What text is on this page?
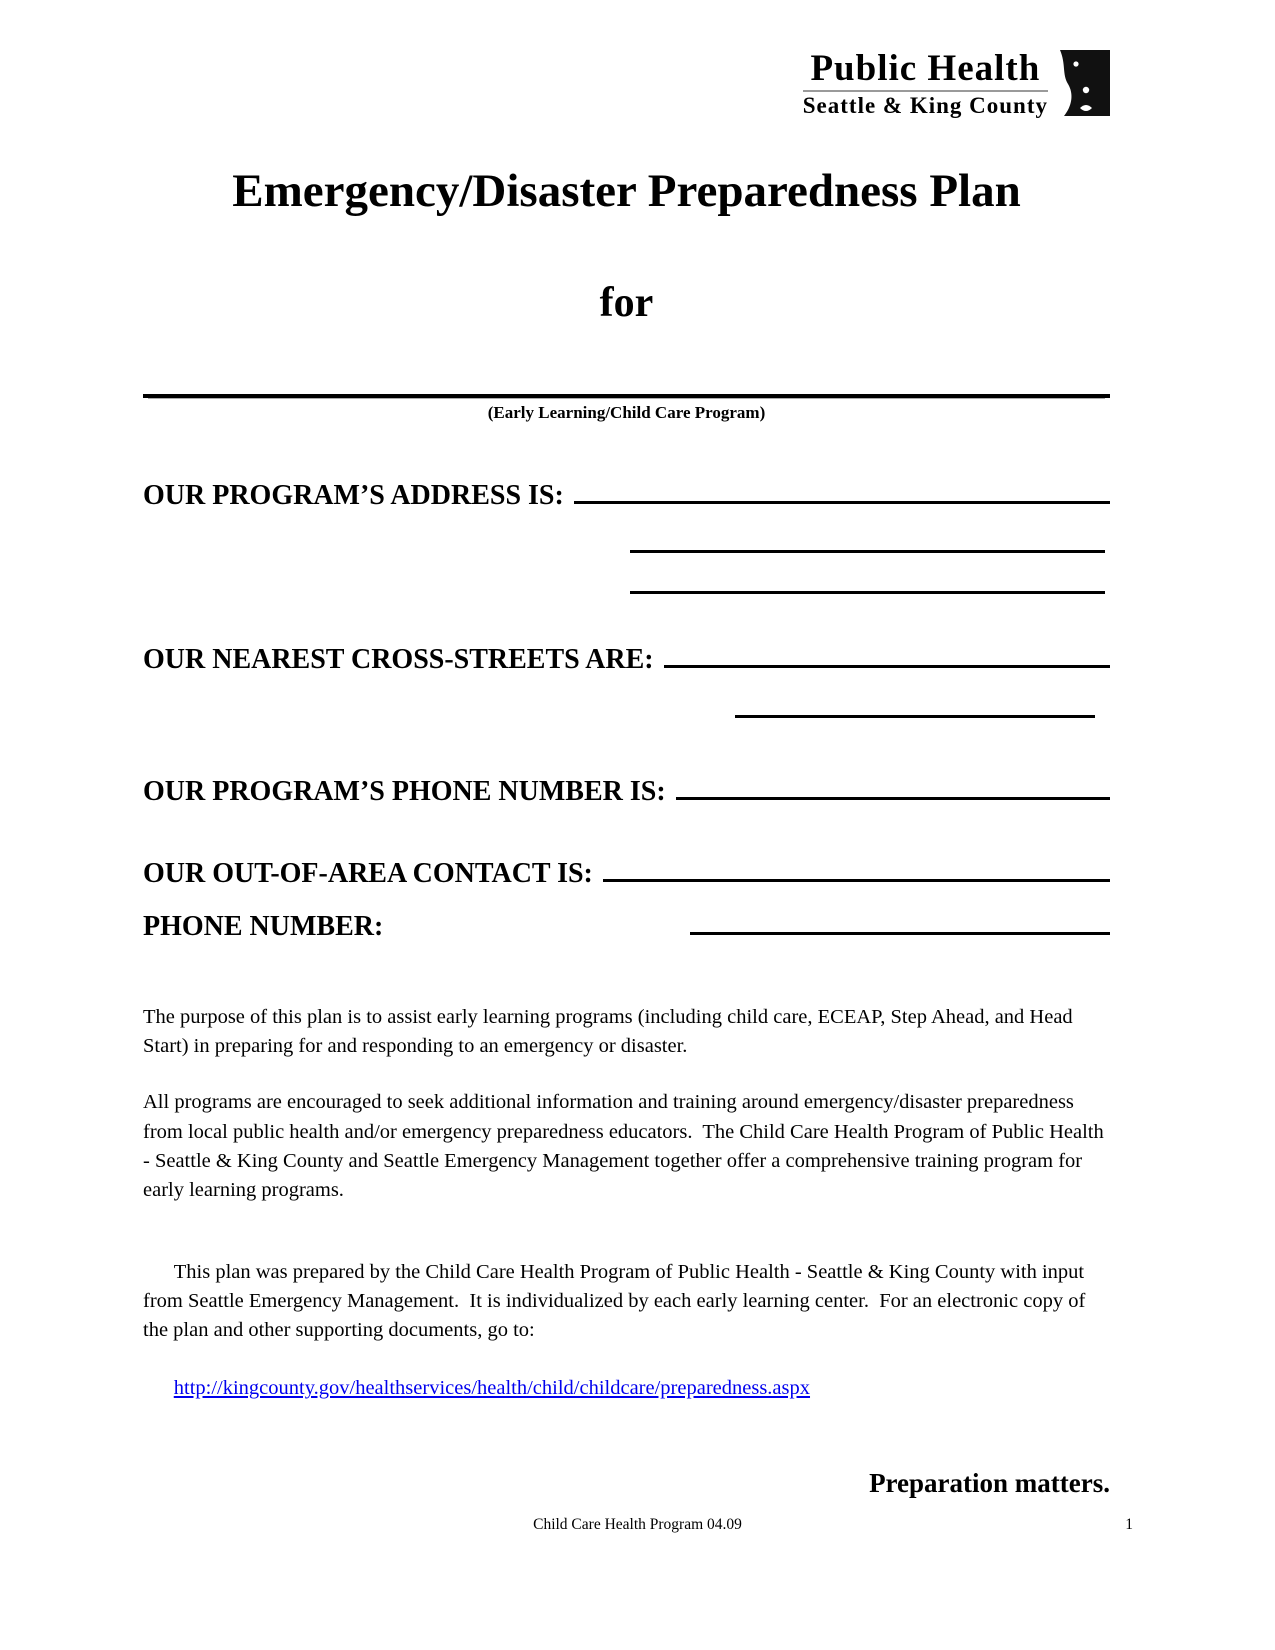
Public Health
Seattle & King County
Emergency/Disaster Preparedness Plan
for
(Early Learning/Child Care Program)
OUR PROGRAM’S ADDRESS IS:
OUR NEAREST CROSS-STREETS ARE:
OUR PROGRAM’S PHONE NUMBER IS:
OUR OUT-OF-AREA CONTACT IS:
PHONE NUMBER:
The purpose of this plan is to assist early learning programs (including child care, ECEAP, Step Ahead, and Head Start) in preparing for and responding to an emergency or disaster.
All programs are encouraged to seek additional information and training around emergency/disaster preparedness from local public health and/or emergency preparedness educators.  The Child Care Health Program of Public Health - Seattle & King County and Seattle Emergency Management together offer a comprehensive training program for early learning programs.

This plan was prepared by the Child Care Health Program of Public Health - Seattle & King County with input from Seattle Emergency Management.  It is individualized by each early learning center.  For an electronic copy of the plan and other supporting documents, go to:

http://kingcounty.gov/healthservices/health/child/childcare/preparedness.aspx

Preparation matters.
Child Care Health Program 04.09	1
